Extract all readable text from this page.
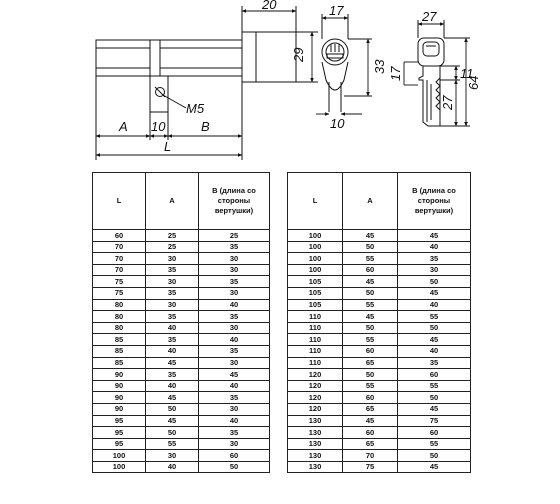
20
29
A 10	B
L
M5
17
33
10
27
17	11
64
27
L	A	В (длина со стороны вертушки)
60	25	25
70	25	35
70	30	30
70	35	30
75	30	35
75	35	30
80	30	40
80	35	35
80	40	30
85	35	40
85	40	35
85	45	30
90	35	45
90	40	40
90	45	35
90	50	30
95	45	40
95	50	35
95	55	30
100	30	60
100	40	50
L	A	В (длина со стороны вертушки)
100	45	45
100	50	40
100	55	35
100	60	30
105	45	50
105	50	45
105	55	40
110	45	55
110	50	50
110	55	45
110	60	40
110	65	35
120	50	60
120	55	55
120	60	50
120	65	45
130	45	75
130	60	60
130	65	55
130	70	50
130	75	45
